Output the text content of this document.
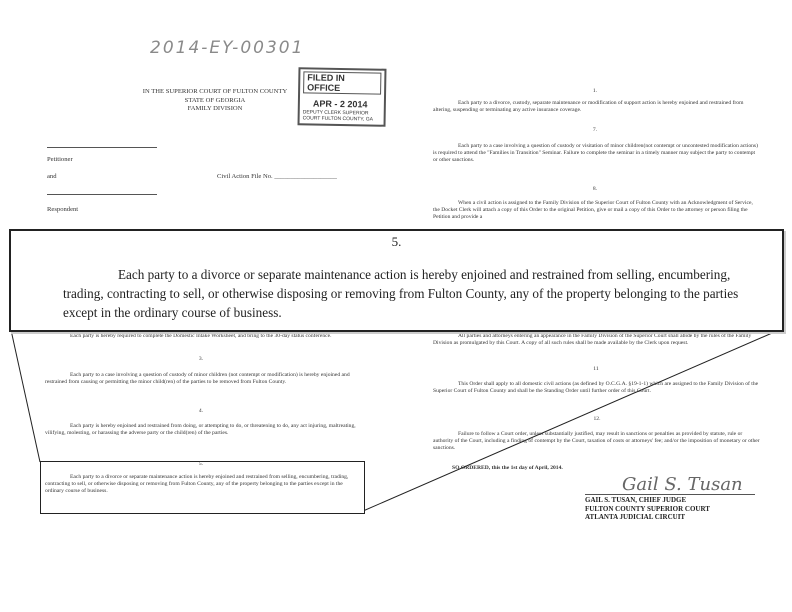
2014-EY-00301
IN THE SUPERIOR COURT OF FULTON COUNTY
STATE OF GEORGIA
FAMILY DIVISION
FILED IN OFFICE
APR - 2 2014
DEPUTY CLERK SUPERIOR COURT FULTON COUNTY, GA
Petitioner
and	Civil Action File No. ___________________
Respondent
1.
Each party to a divorce, custody, separate maintenance or modification of support action is hereby enjoined and restrained from altering, suspending or terminating any active insurance coverage.
7.
Each party to a case involving a question of custody or visitation of minor children(not contempt or uncontested modification actions) is required to attend the "Families in Transition" Seminar. Failure to complete the seminar in a timely manner may subject the party to contempt or other sanctions.
8.
When a civil action is assigned to the Family Division of the Superior Court of Fulton County with an Acknowledgment of Service, the Docket Clerk will attach a copy of this Order to the original Petition, give or mail a copy of this Order to the attorney or person filing the Petition and provide a
Each party is hereby required to complete the Domestic Intake Worksheet, and bring to the 30-day status conference.
3.
Each party to a case involving a question of custody of minor children (not contempt or modification) is hereby enjoined and restrained from causing or permitting the minor child(ren) of the parties to be removed from Fulton County.
4.
Each party is hereby enjoined and restrained from doing, or attempting to do, or threatening to do, any act injuring, maltreating, vilifying, molesting, or harassing the adverse party or the child(ren) of the parties.
5.
Each party to a divorce or separate maintenance action is hereby enjoined and restrained from selling, encumbering, trading, contracting to sell, or otherwise disposing or removing from Fulton County, any of the property belonging to the parties except in the ordinary course of business.
All parties and attorneys entering an appearance in the Family Division of the Superior Court shall abide by the rules of the Family Division as promulgated by this Court. A copy of all such rules shall be made available by the Clerk upon request.
11
This Order shall apply to all domestic civil actions (as defined by O.C.G.A. §19-1-1) which are assigned to the Family Division of the Superior Court of Fulton County and shall be the Standing Order until further order of this Court.
12.
Failure to follow a Court order, unless substantially justified, may result in sanctions or penalties as provided by statute, rule or authority of the Court, including a finding of contempt by the Court, taxation of costs or attorneys' fee; and/or the imposition of monetary or other sanctions.
SO ORDERED, this the 1st day of April, 2014.
Gail S. Tusan
GAIL S. TUSAN, CHIEF JUDGE
FULTON COUNTY SUPERIOR COURT
ATLANTA JUDICIAL CIRCUIT
5.
Each party to a divorce or separate maintenance action is hereby enjoined and restrained from selling, encumbering, trading, contracting to sell, or otherwise disposing or removing from Fulton County, any of the property belonging to the parties except in the ordinary course of business.
